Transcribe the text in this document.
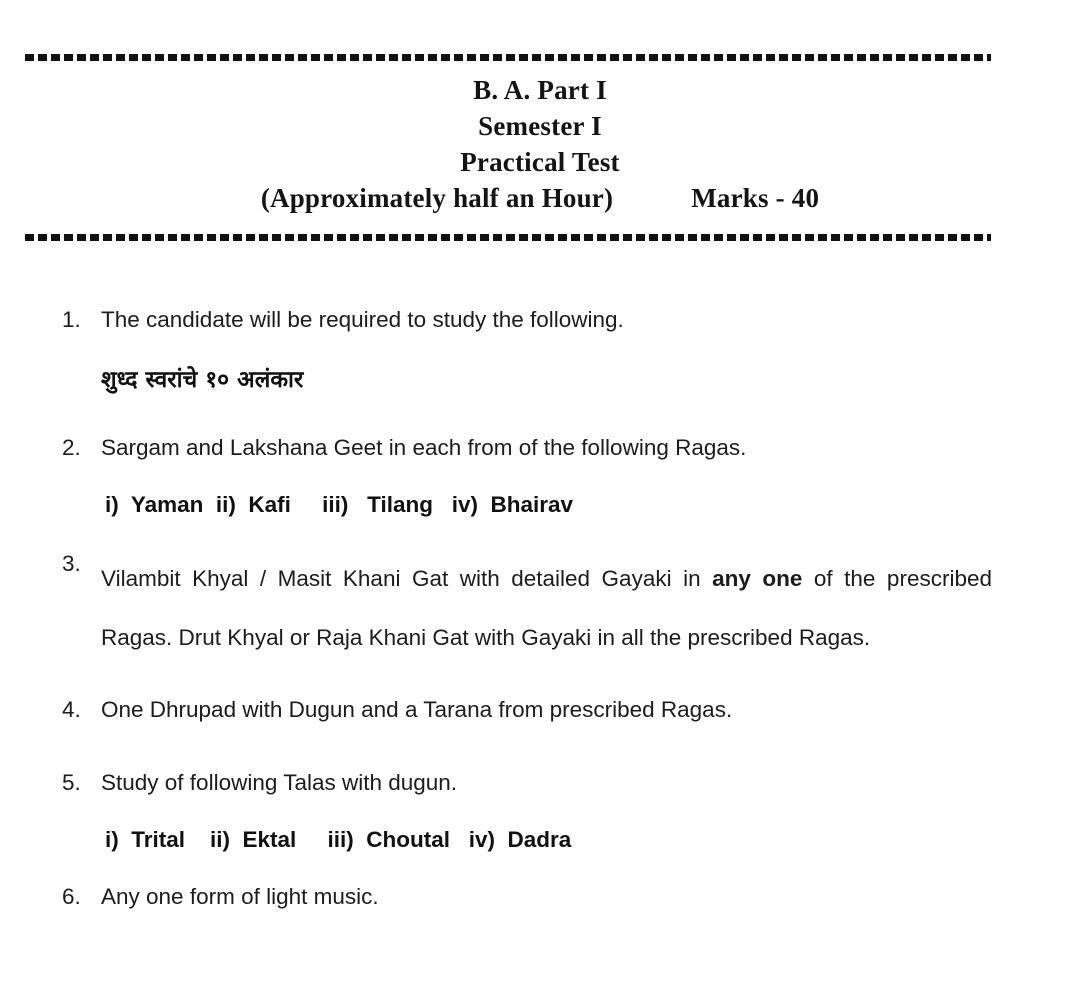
B. A. Part I
Semester I
Practical Test
(Approximately half an Hour)	Marks - 40
1. The candidate will be required to study the following.
शुध्द स्वरांचे १० अलंकार
2. Sargam and Lakshana Geet in each from of the following Ragas.
i)  Yaman  ii)  Kafi     iii)   Tilang   iv)  Bhairav
3.
Vilambit Khyal / Masit Khani Gat with detailed Gayaki in any one of the prescribed Ragas. Drut Khyal or Raja Khani Gat with Gayaki in all the prescribed Ragas.
4. One Dhrupad with Dugun and a Tarana from prescribed Ragas.
5. Study of following Talas with dugun.
i)  Trital    ii)  Ektal     iii)  Choutal   iv)  Dadra
6. Any one form of light music.
